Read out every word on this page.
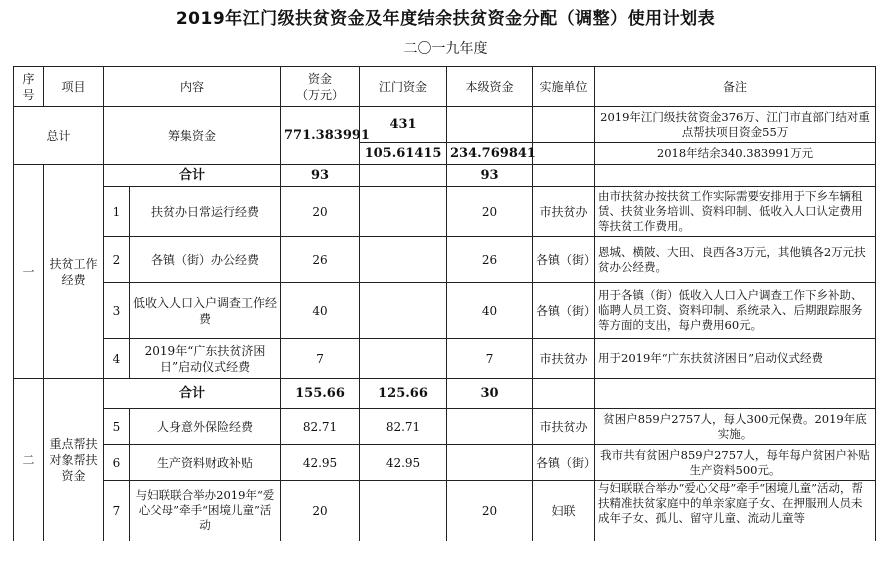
2019年江门级扶贫资金及年度结余扶贫资金分配（调整）使用计划表
二〇一九年度
序号	项目	内容		资金
（万元）	江门资金	本级资金	实施单位	备注
总计		筹集资金		771.383991	431			2019年江门级扶贫资金376万、江门市直部门结对重点帮扶项目资金55万
					105.61415	234.769841		2018年结余340.383991万元
一	扶贫工作经费	合计		93		93		
		1	扶贫办日常运行经费	20		20	市扶贫办	由市扶贫办按扶贫工作实际需要安排用于下乡车辆租赁、扶贫业务培训、资料印制、低收入人口认定费用等扶贫工作费用。
		2	各镇（街）办公经费	26		26	各镇（街）	恩城、横陂、大田、良西各3万元，其他镇各2万元扶贫办公经费。
		3	低收入人口入户调查工作经费	40		40	各镇（街）	用于各镇（街）低收入人口入户调查工作下乡补助、临聘人员工资、资料印制、系统录入、后期跟踪服务等方面的支出，每户费用60元。
		4	2019年“广东扶贫济困日”启动仪式经费	7		7	市扶贫办	用于2019年“广东扶贫济困日”启动仪式经费
二	重点帮扶对象帮扶资金	合计		155.66	125.66	30		
		5	人身意外保险经费	82.71	82.71		市扶贫办	贫困户859户2757人，每人300元保费。2019年底实施。
		6	生产资料财政补贴	42.95	42.95		各镇（街）	我市共有贫困户859户2757人，每年每户贫困户补贴生产资料500元。
		7	与妇联联合举办2019年“爱心父母”牵手“困境儿童”活动	20		20	妇联	与妇联联合举办“爱心父母”牵手“困境儿童”活动，帮扶精准扶贫家庭中的单亲家庭子女、在押服刑人员未成年子女、孤儿、留守儿童、流动儿童等
